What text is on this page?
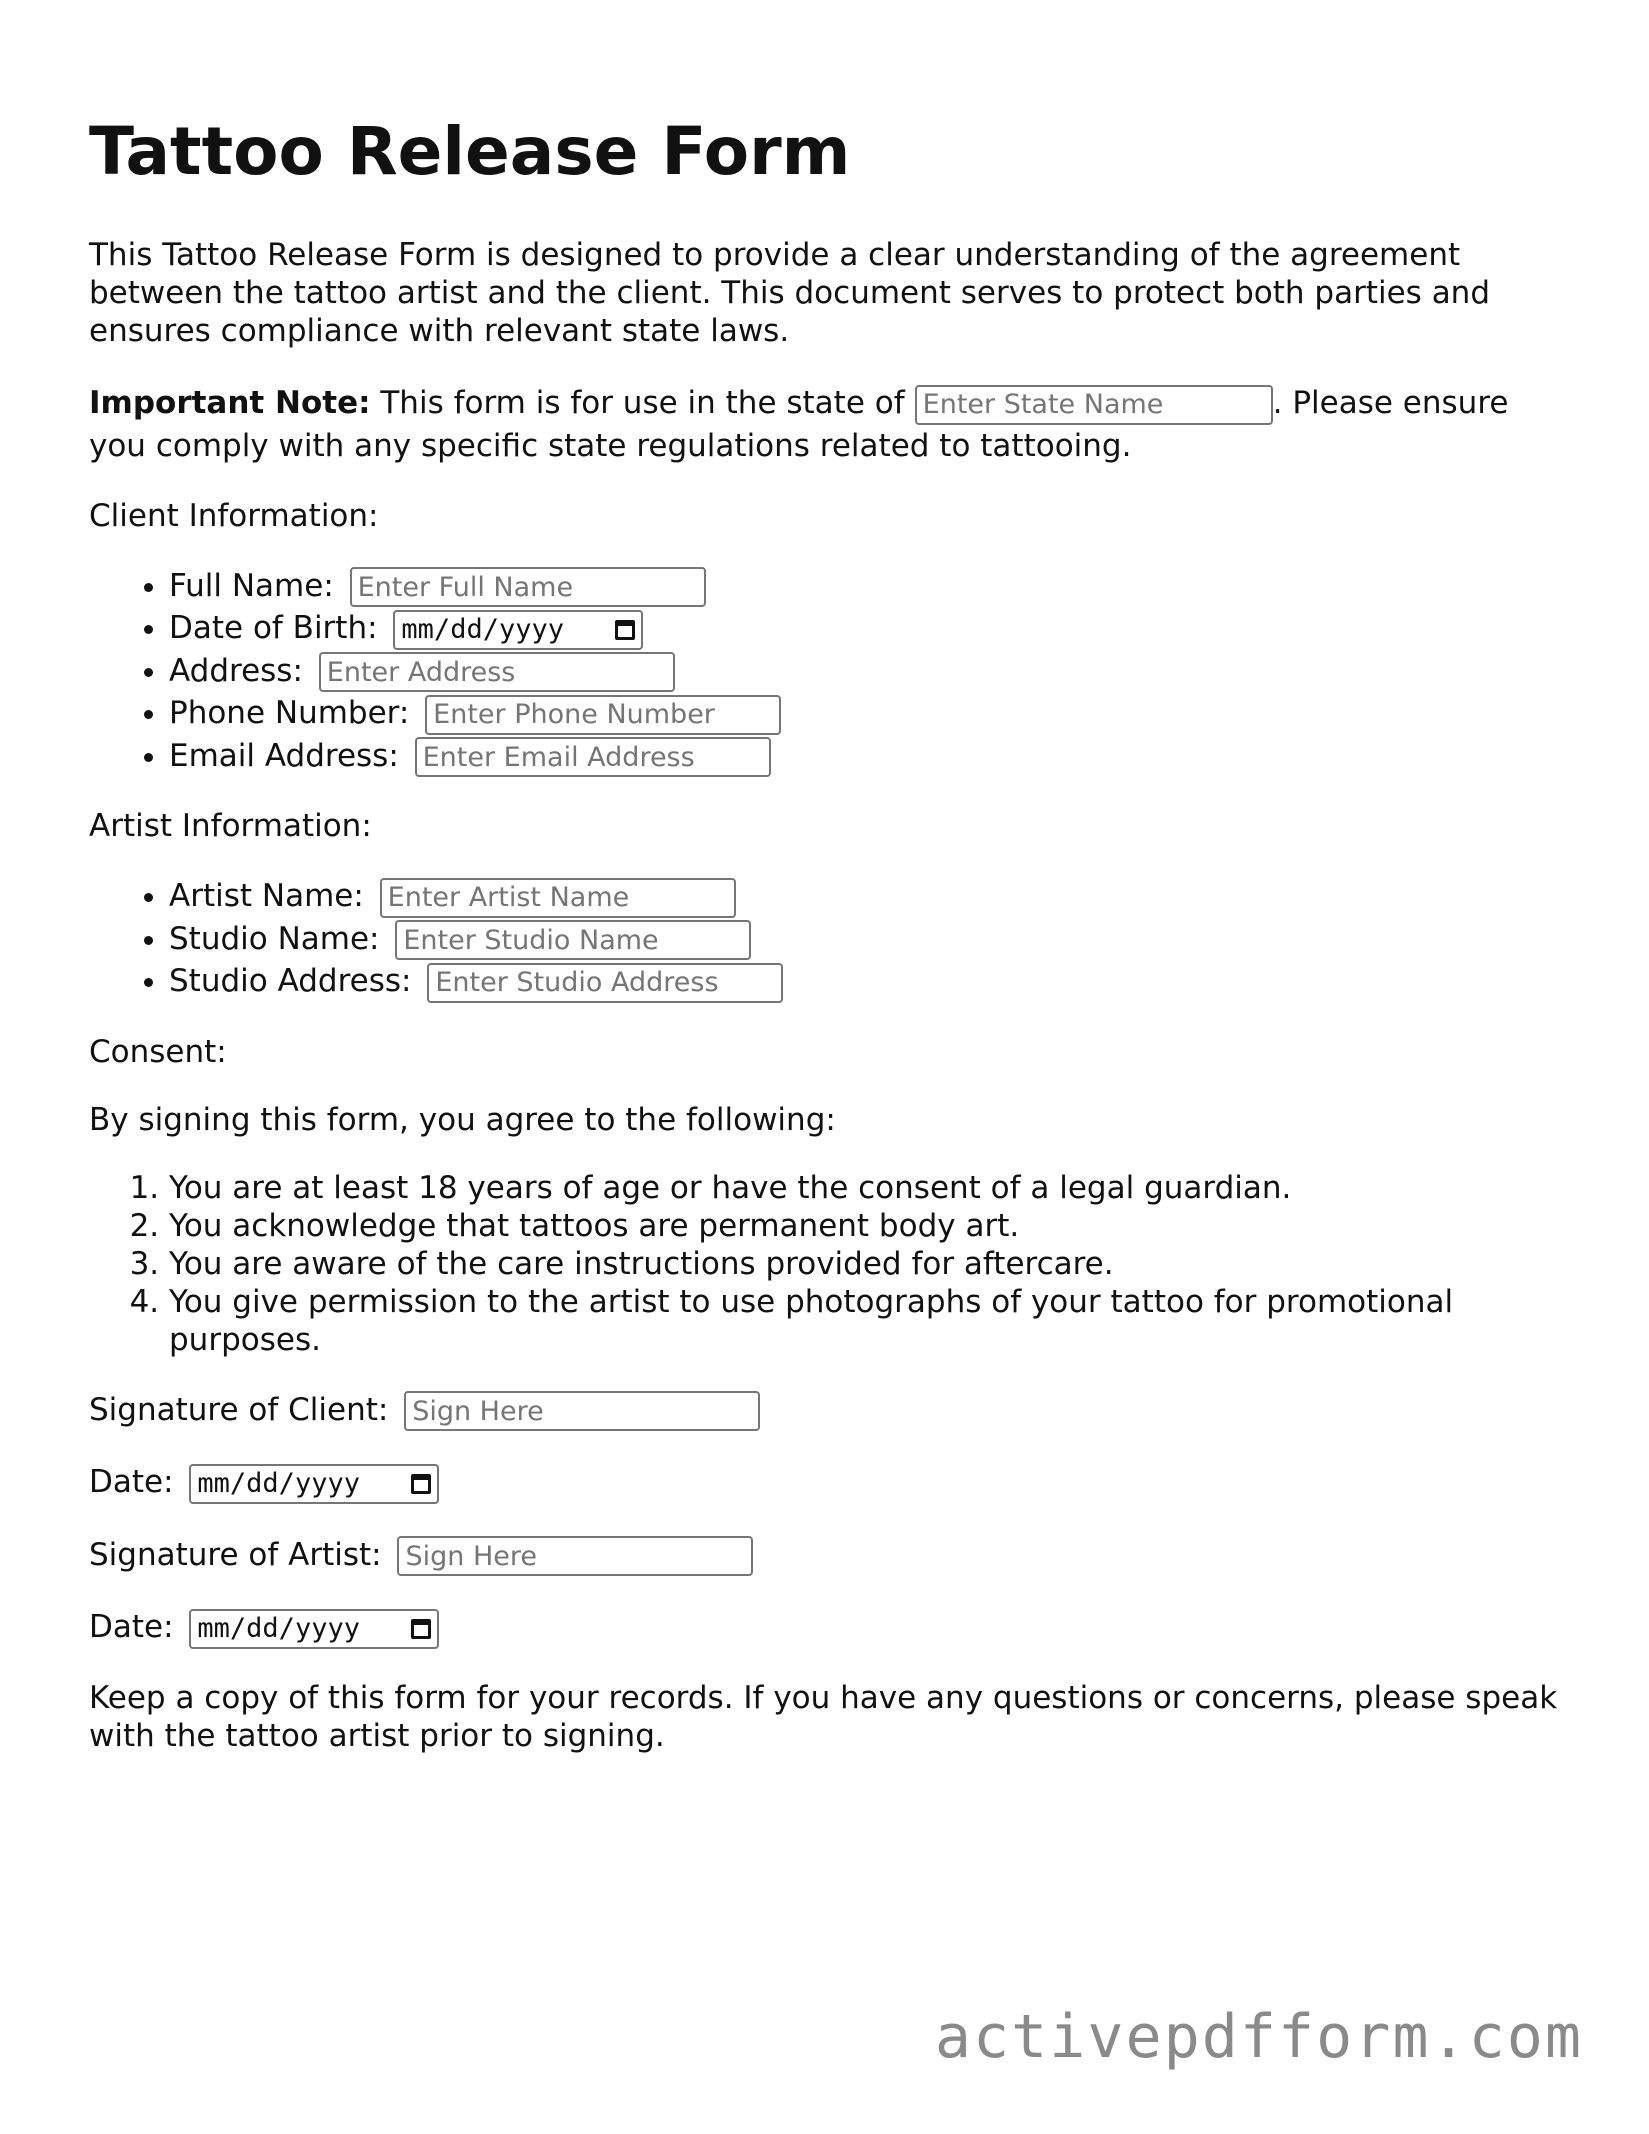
Tattoo Release Form

This Tattoo Release Form is designed to provide a clear understanding of the agreement between the tattoo artist and the client. This document serves to protect both parties and ensures compliance with relevant state laws.

Important Note: This form is for use in the state ofEnter State Name	. Please ensure you comply with any specific state regulations related to tattooing.

Client Information:

• Full Name: Enter Full Name
• Date of Birth: mm/dd/yyyy
• Address: Enter Address
• Phone Number: Enter Phone Number
• Email Address: Enter Email Address

Artist Information:

• Artist Name: Enter Artist Name
• Studio Name: Enter Studio Name
• Studio Address: Enter Studio Address

Consent:

By signing this form, you agree to the following:

1. You are at least 18 years of age or have the consent of a legal guardian.
2. You acknowledge that tattoos are permanent body art.
3. You are aware of the care instructions provided for aftercare.
4. You give permission to the artist to use photographs of your tattoo for promotional purposes.

Signature of Client: Sign Here

Date: mm/dd/yyyy

Signature of Artist: Sign Here

Date: mm/dd/yyyy

Keep a copy of this form for your records. If you have any questions or concerns, please speak with the tattoo artist prior to signing.

activepdfform.com
